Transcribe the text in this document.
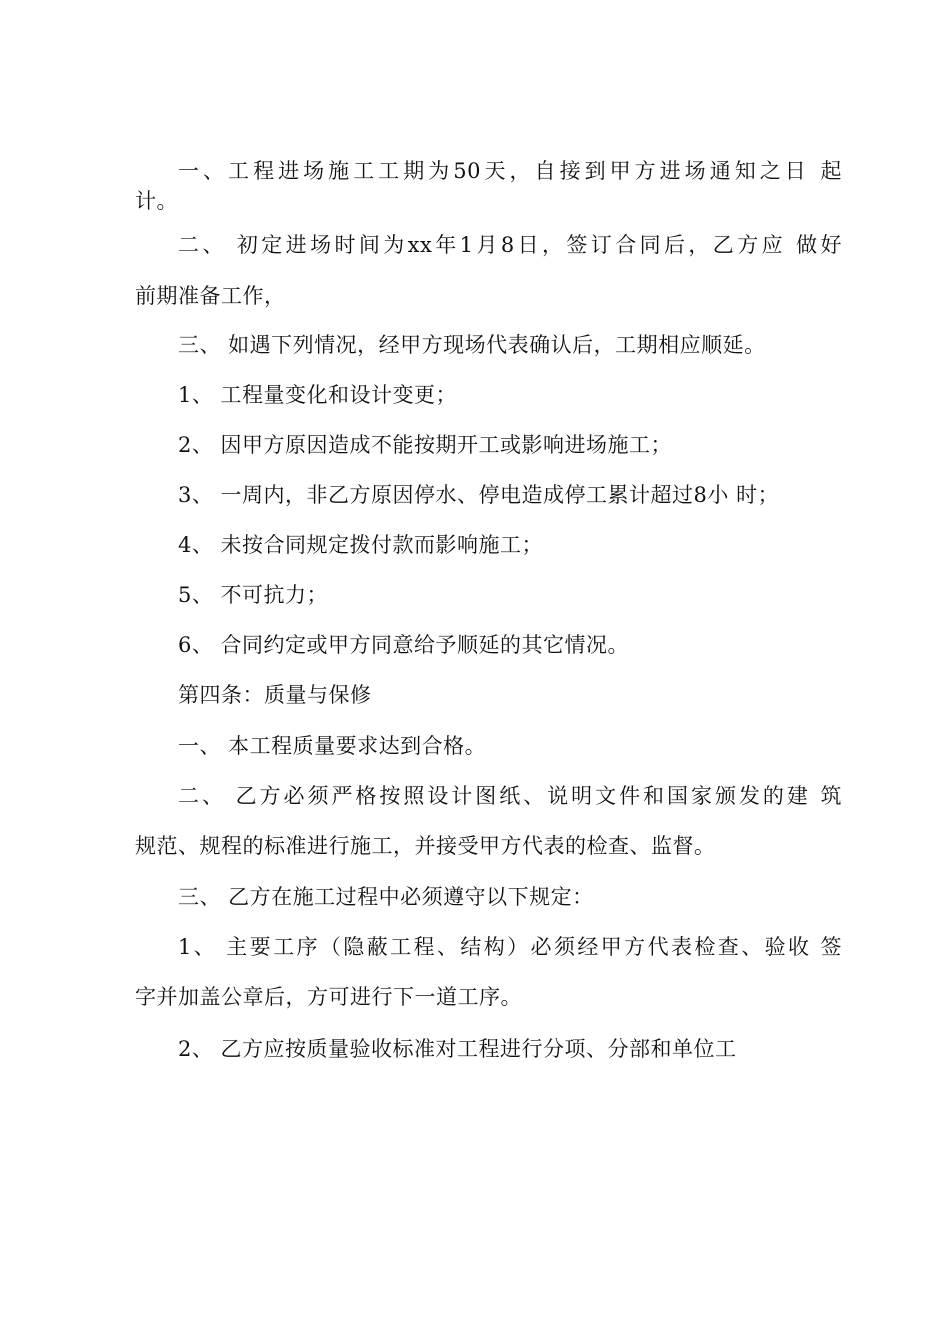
一、工程进场施工工期为50天，自接到甲方进场通知之日 起
计。
二、 初定进场时间为xx年1月8日，签订合同后，乙方应 做好
前期准备工作，
三、 如遇下列情况，经甲方现场代表确认后，工期相应顺延。
1、 工程量变化和设计变更；
2、 因甲方原因造成不能按期开工或影响进场施工；
3、 一周内，非乙方原因停水、停电造成停工累计超过8小 时；
4、 未按合同规定拨付款而影响施工；
5、 不可抗力；
6、 合同约定或甲方同意给予顺延的其它情况。
第四条：质量与保修
一、 本工程质量要求达到合格。
二、 乙方必须严格按照设计图纸、说明文件和国家颁发的建 筑
规范、规程的标准进行施工，并接受甲方代表的检查、监督。
三、 乙方在施工过程中必须遵守以下规定：
1、 主要工序（隐蔽工程、结构）必须经甲方代表检查、验收 签
字并加盖公章后，方可进行下一道工序。
2、 乙方应按质量验收标准对工程进行分项、分部和单位工
